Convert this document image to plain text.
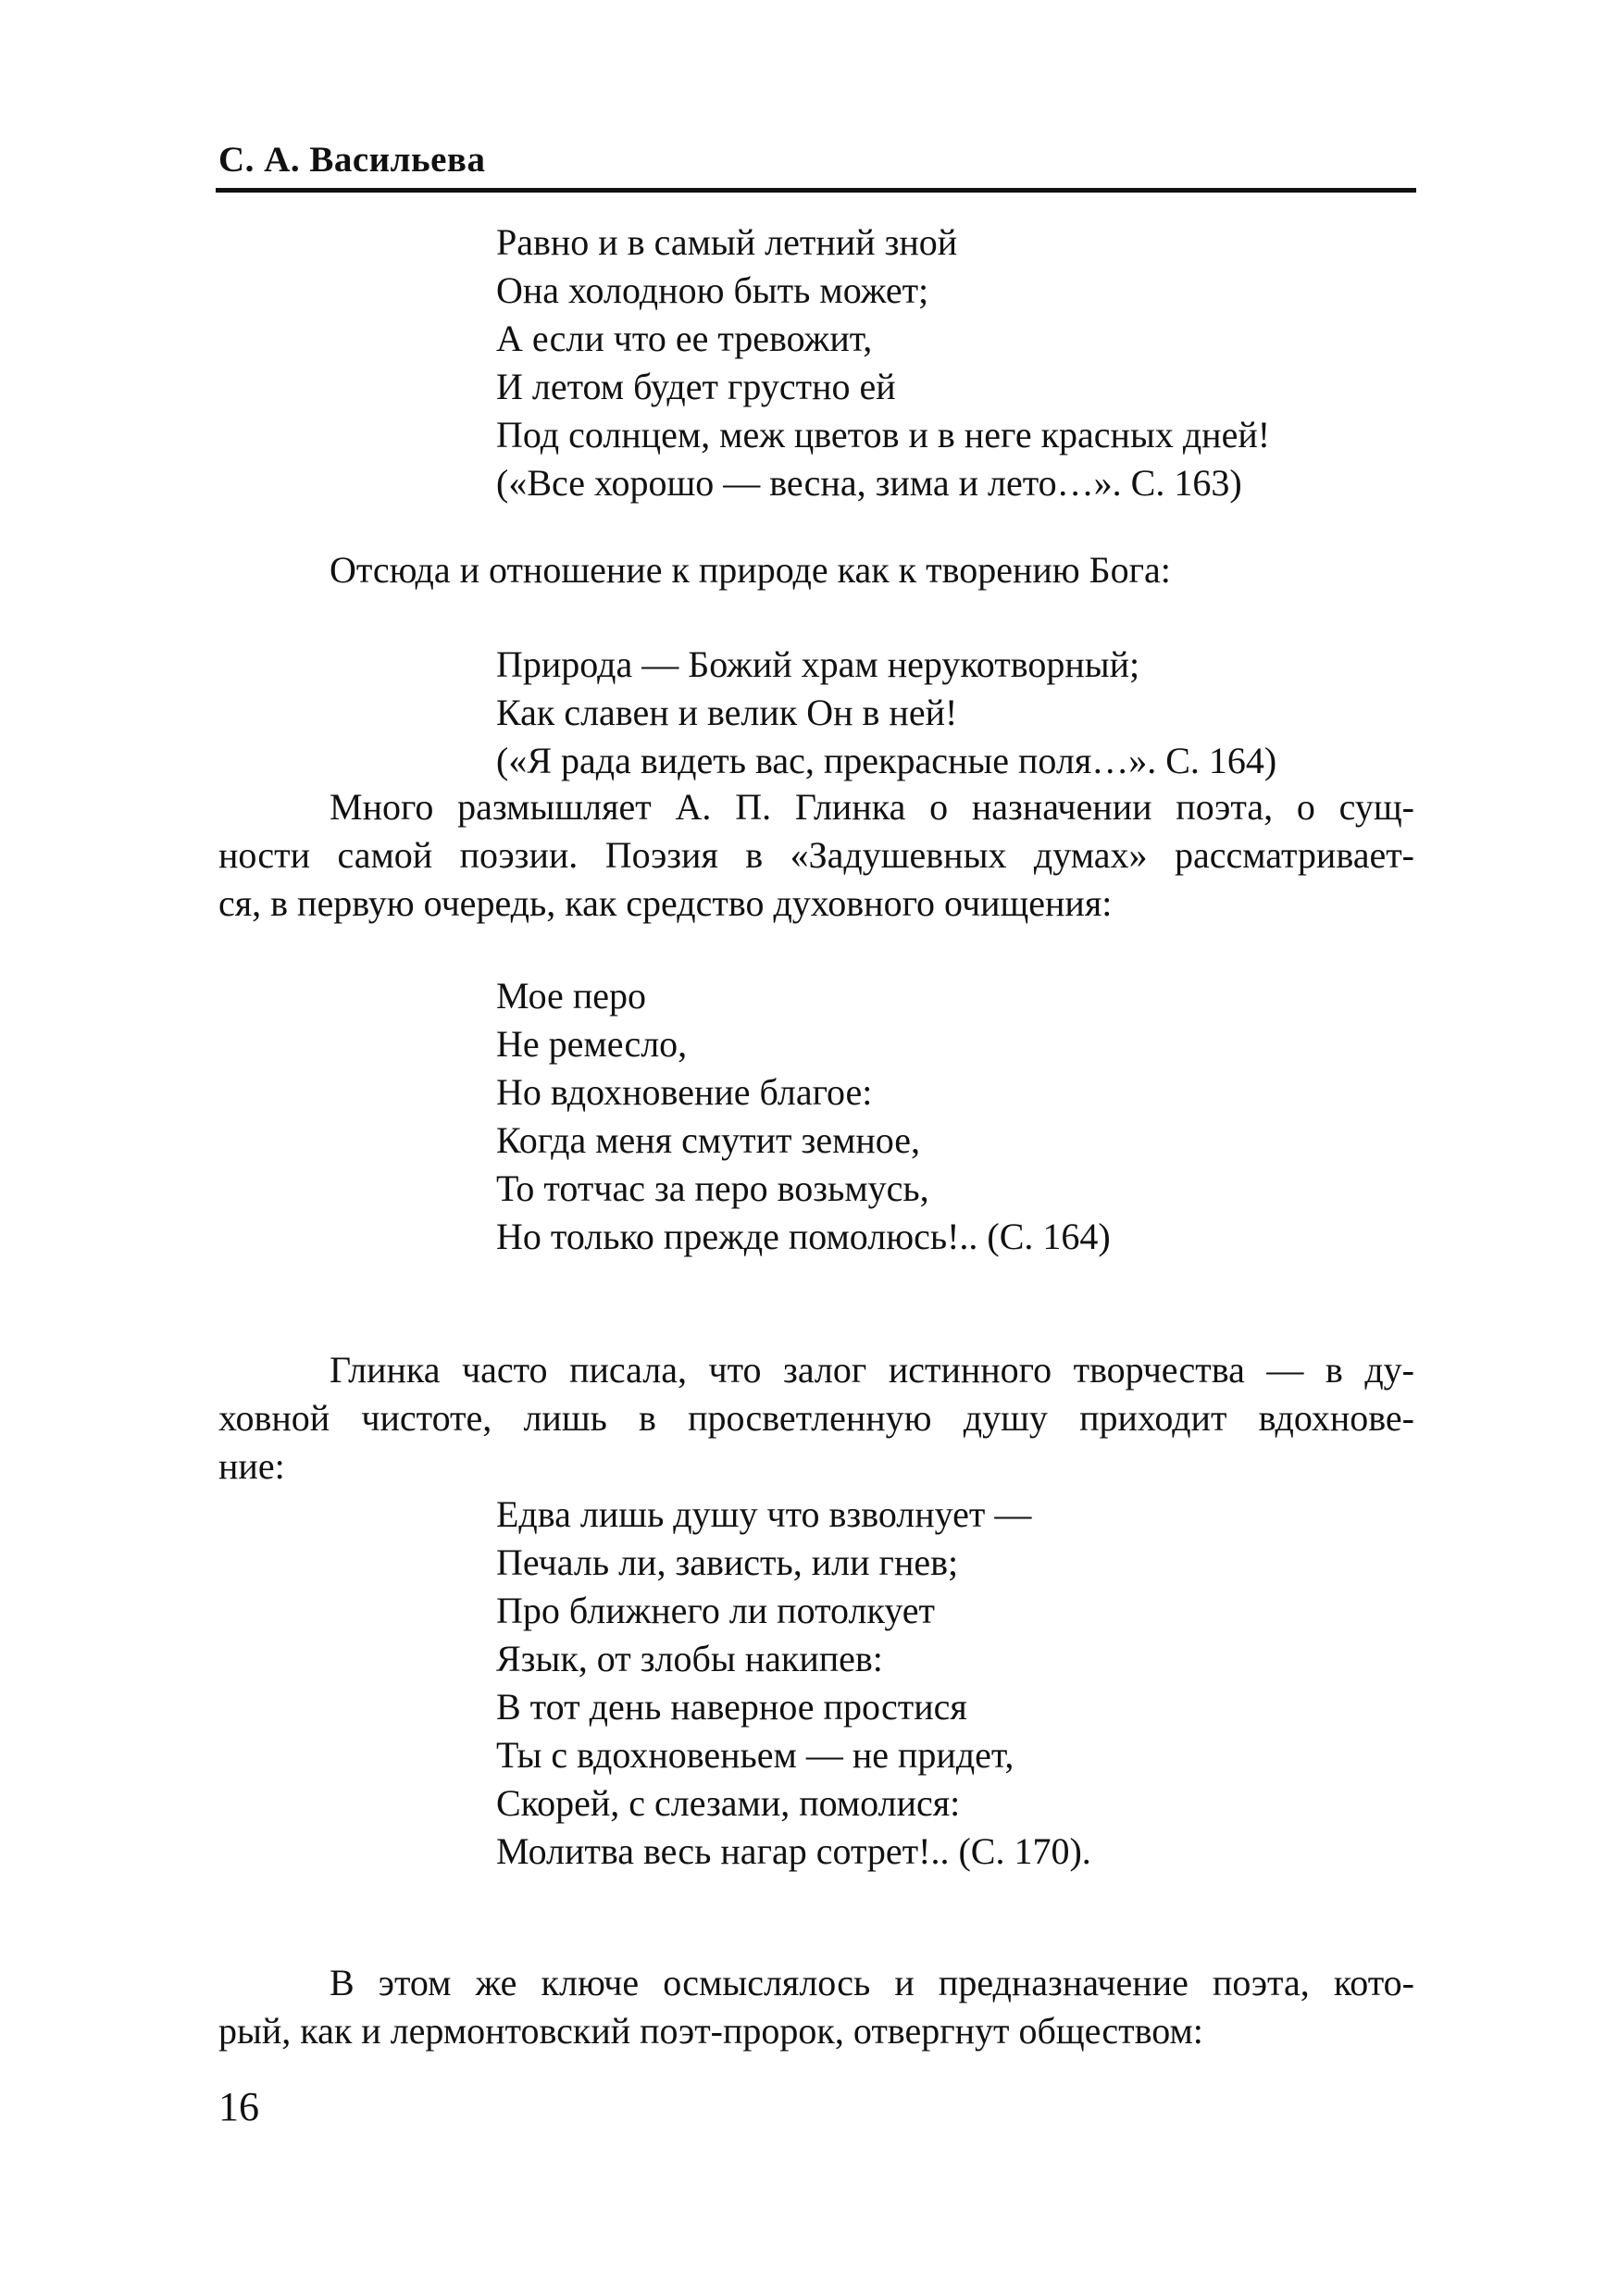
С. А. Васильева
Равно и в самый летний зной
Она холодною быть может;
А если что ее тревожит,
И летом будет грустно ей
Под солнцем, меж цветов и в неге красных дней!
(«Все хорошо — весна, зима и лето…». С. 163)
Отсюда и отношение к природе как к творению Бога:
Природа — Божий храм нерукотворный;
Как славен и велик Он в ней!
(«Я рада видеть вас, прекрасные поля…». С. 164)
Много размышляет А. П. Глинка о назначении поэта, о сущ-
ности самой поэзии. Поэзия в «Задушевных думах» рассматривает-
ся, в первую очередь, как средство духовного очищения:
Мое перо
Не ремесло,
Но вдохновение благое:
Когда меня смутит земное,
То тотчас за перо возьмусь,
Но только прежде помолюсь!.. (С. 164)
Глинка часто писала, что залог истинного творчества — в ду-
ховной чистоте, лишь в просветленную душу приходит вдохнове-
ние:
Едва лишь душу что взволнует —
Печаль ли, зависть, или гнев;
Про ближнего ли потолкует
Язык, от злобы накипев:
В тот день наверное простися
Ты с вдохновеньем — не придет,
Скорей, с слезами, помолися:
Молитва весь нагар сотрет!.. (С. 170).
В этом же ключе осмыслялось и предназначение поэта, кото-
рый, как и лермонтовский поэт-пророк, отвергнут обществом:
16
